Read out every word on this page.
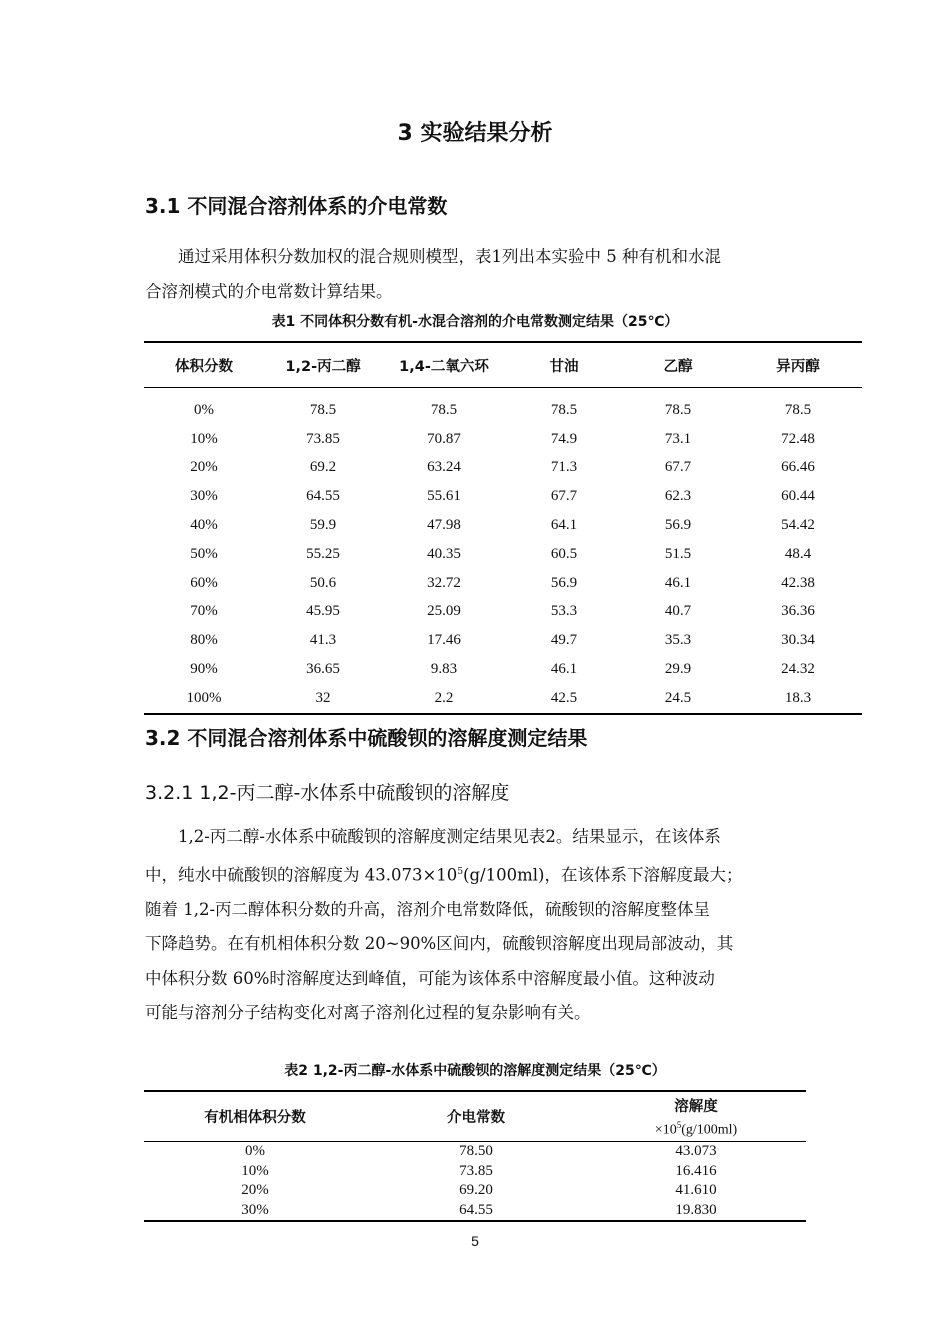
3 实验结果分析
3.1 不同混合溶剂体系的介电常数

通过采用体积分数加权的混合规则模型，表1列出本实验中 5 种有机和水混

合溶剂模式的介电常数计算结果。

表1 不同体积分数有机-水混合溶剂的介电常数测定结果（25℃）
体积分数	1,2-丙二醇	1,4-二氧六环	甘油	乙醇	异丙醇
0%	78.5	78.5	78.5	78.5	78.5
10%	73.85	70.87	74.9	73.1	72.48
20%	69.2	63.24	71.3	67.7	66.46
30%	64.55	55.61	67.7	62.3	60.44
40%	59.9	47.98	64.1	56.9	54.42
50%	55.25	40.35	60.5	51.5	48.4
60%	50.6	32.72	56.9	46.1	42.38
70%	45.95	25.09	53.3	40.7	36.36
80%	41.3	17.46	49.7	35.3	30.34
90%	36.65	9.83	46.1	29.9	24.32
100%	32	2.2	42.5	24.5	18.3
3.2 不同混合溶剂体系中硫酸钡的溶解度测定结果
3.2.1 1,2-丙二醇-水体系中硫酸钡的溶解度

1,2-丙二醇-水体系中硫酸钡的溶解度测定结果见表2。结果显示，在该体系

中，纯水中硫酸钡的溶解度为 $43.073\times 10^5(g/100ml)$，在该体系下溶解度最大；

随着 1,2-丙二醇体积分数的升高，溶剂介电常数降低，硫酸钡的溶解度整体呈

下降趋势。在有机相体积分数 20~90%区间内，硫酸钡溶解度出现局部波动，其

中体积分数 60%时溶解度达到峰值，可能为该体系中溶解度最小值。这种波动

可能与溶剂分子结构变化对离子溶剂化过程的复杂影响有关。

表2 1,2-丙二醇-水体系中硫酸钡的溶解度测定结果（25℃）
有机相体积分数	介电常数	溶解度
$\times 10^5(g/100ml)$

0%	78.50	43.073
10%	73.85	16.416
20%	69.20	41.610
30%	64.55	19.830
5
